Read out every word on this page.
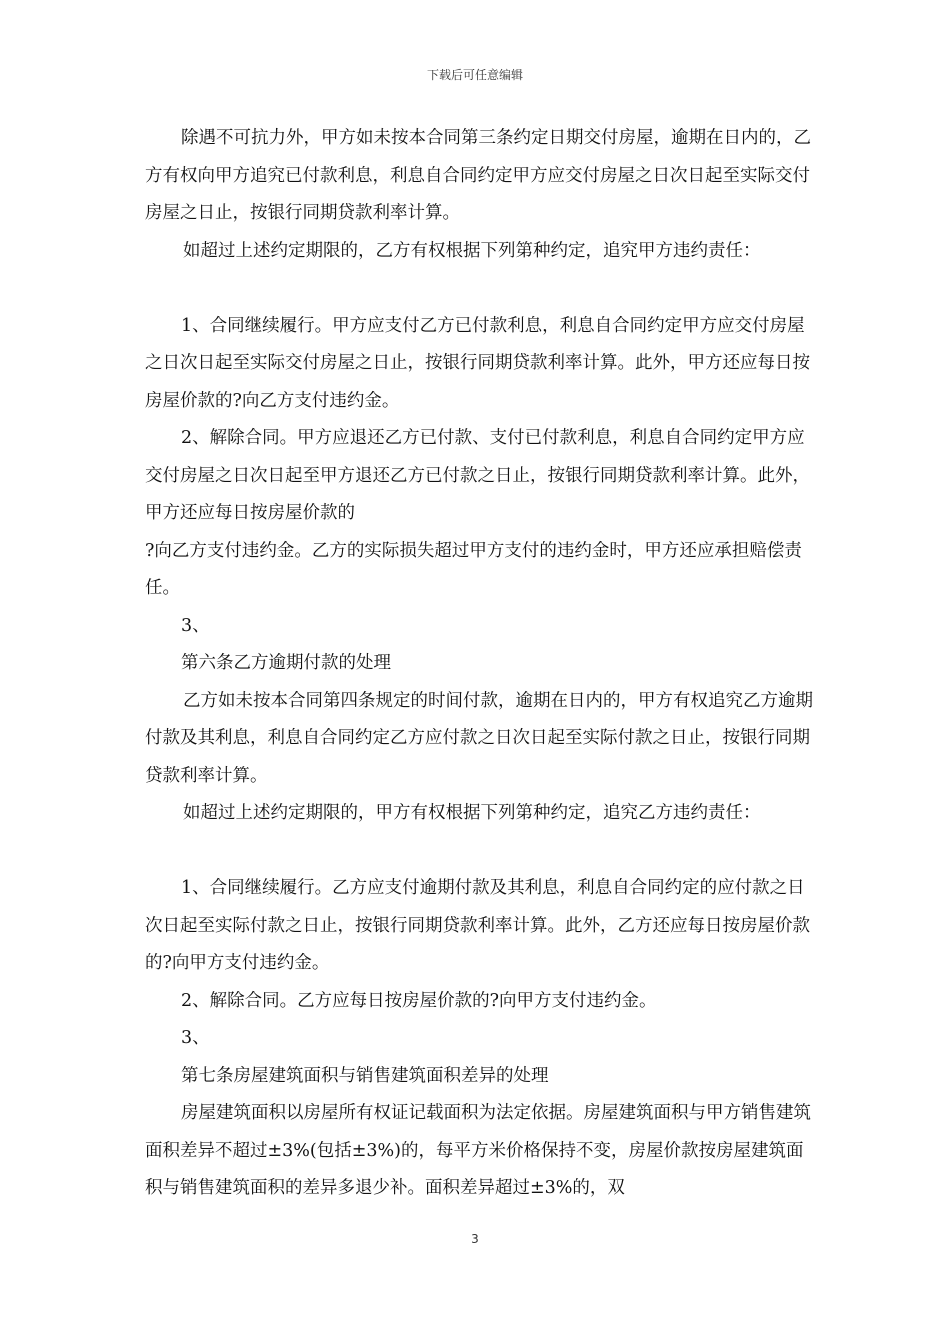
下载后可任意编辑

除遇不可抗力外，甲方如未按本合同第三条约定日期交付房屋，逾期在日内的，乙方有权向甲方追究已付款利息，利息自合同约定甲方应交付房屋之日次日起至实际交付房屋之日止，按银行同期贷款利率计算。

如超过上述约定期限的，乙方有权根据下列第种约定，追究甲方违约责任：

1、合同继续履行。甲方应支付乙方已付款利息，利息自合同约定甲方应交付房屋之日次日起至实际交付房屋之日止，按银行同期贷款利率计算。此外，甲方还应每日按房屋价款的?向乙方支付违约金。

2、解除合同。甲方应退还乙方已付款、支付已付款利息，利息自合同约定甲方应交付房屋之日次日起至甲方退还乙方已付款之日止，按银行同期贷款利率计算。此外，甲方还应每日按房屋价款的

?向乙方支付违约金。乙方的实际损失超过甲方支付的违约金时，甲方还应承担赔偿责任。

3、

第六条乙方逾期付款的处理

乙方如未按本合同第四条规定的时间付款，逾期在日内的，甲方有权追究乙方逾期付款及其利息，利息自合同约定乙方应付款之日次日起至实际付款之日止，按银行同期贷款利率计算。

如超过上述约定期限的，甲方有权根据下列第种约定，追究乙方违约责任：

1、合同继续履行。乙方应支付逾期付款及其利息，利息自合同约定的应付款之日次日起至实际付款之日止，按银行同期贷款利率计算。此外，乙方还应每日按房屋价款的?向甲方支付违约金。

2、解除合同。乙方应每日按房屋价款的?向甲方支付违约金。

3、

第七条房屋建筑面积与销售建筑面积差异的处理

房屋建筑面积以房屋所有权证记载面积为法定依据。房屋建筑面积与甲方销售建筑面积差异不超过±3%(包括±3%)的，每平方米价格保持不变，房屋价款按房屋建筑面积与销售建筑面积的差异多退少补。面积差异超过±3%的，双

3
